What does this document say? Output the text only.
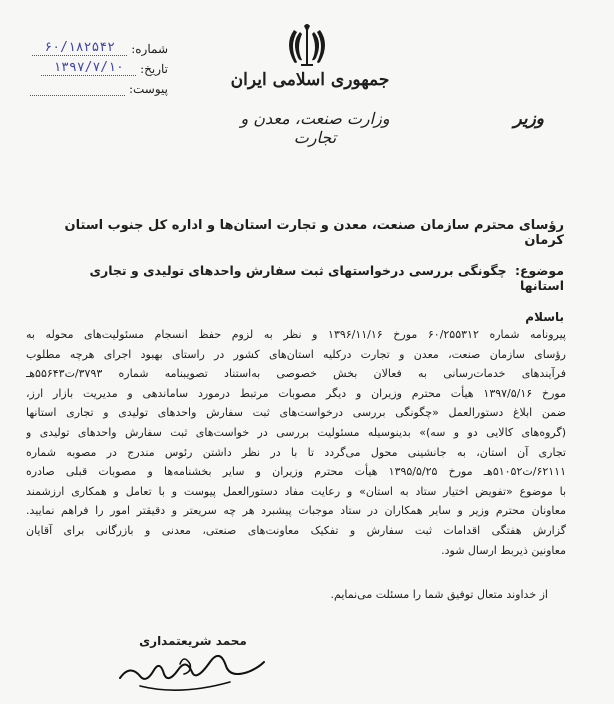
جمهوری اسلامی ایران
وزارت صنعت، معدن و تجارت
وزیر
شماره:
۶۰/۱۸۲۵۴۲
تاریخ:
۱۳۹۷/۷/۱۰
پیوست:
رؤسای محترم سازمان صنعت، معدن و تجارت استان‌ها و اداره کل جنوب استان کرمان
موضوع: چگونگی بررسی درخواستهای ثبت سفارش واحدهای تولیدی و تجاری استانها
باسلام
پیرونامه شماره ۶۰/۲۵۵۳۱۲ مورخ ۱۳۹۶/۱۱/۱۶ و نظر به لزوم حفظ انسجام مسئولیت‌های محوله به
رؤسای سازمان صنعت، معدن و تجارت درکلیه استان‌های کشور در راستای بهبود اجرای هرچه مطلوب
فرآیندهای خدمات‌رسانی به فعالان بخش خصوصی به‌استناد تصویبنامه شماره ۳۷۹۳/ت۵۵۶۴۳هـ
مورخ ۱۳۹۷/۵/۱۶ هیأت محترم وزیران و دیگر مصوبات مرتبط درمورد ساماندهی و مدیریت بازار ارز،
ضمن ابلاغ دستورالعمل «چگونگی بررسی درخواست‌های ثبت سفارش واحدهای تولیدی و تجاری استانها
(گروه‌های کالایی دو و سه)» بدینوسیله مسئولیت بررسی در خواست‌های ثبت سفارش واحدهای تولیدی و
تجاری آن استان، به جانشینی محول می‌گردد تا با در نظر داشتن رئوس مندرج در مصوبه شماره
۶۲۱۱۱/ت۵۱۰۵۲هـ مورخ ۱۳۹۵/۵/۲۵ هیأت محترم وزیران و سایر بخشنامه‌ها و مصوبات قبلی صادره
با موضوع «تفویض اختیار ستاد به استان» و رعایت مفاد دستورالعمل پیوست و با تعامل و همکاری ارزشمند
معاونان محترم وزیر و سایر همکاران در ستاد موجبات پیشبرد هر چه سریعتر و دقیقتر امور را فراهم نمایید.
گزارش هفتگی اقدامات ثبت سفارش و تفکیک معاونت‌های صنعتی، معدنی و بازرگانی برای آقایان
معاونین ذیربط ارسال شود.
از خداوند متعال توفیق شما را مسئلت می‌نمایم.
محمد شریعتمداری
